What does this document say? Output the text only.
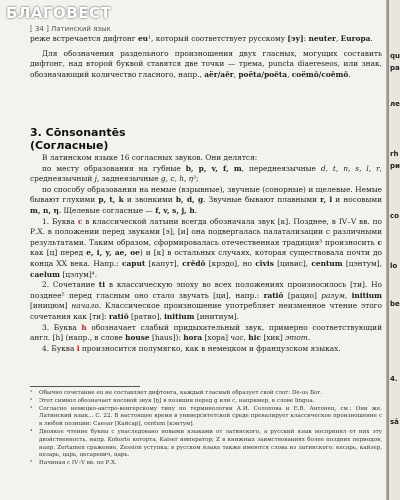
[ 34 ] Латинский язык

реже встречается дифтонг eu¹, который соответствует русскому [эу]: neuter, Europa.

Для обозначения раздельного произношения двух гласных, могущих составить дифтонг, над второй буквой ставятся две точки — трема, puncta diaereseos, или знак, обозначающий количество гласного, напр., aër/aēr, poëta/poēta, coëmō/coēmō.

3. Cōnsonantēs
(Согласные)

В латинском языке 16 согласных звуков. Они делятся:

по месту образования на губные b, p, v, f, m, переднеязычные d, t, n, s, l, r, среднеязычный j, заднеязычные g, c, h, η²;

по способу образования на немые (взрывные), звучные (сонорные) и щелевые. Немые бывают глухими p, t, k и звонкими b, d, g. Звучные бывают плавными r, l и носовыми m, n, η. Щелевые согласные — f, v, s, j, h.

1. Буква c в классической латыни всегда обозначала звук [к]. Позднее, в IV–V вв. по Р.Х. в положении перед звуками [э], [и] она подвергалась палатализации с различными результатами. Таким образом, сформировалась отечественная традиция³ произносить c как [ц] перед e, i, y, ae, oe) и [к] в остальных случаях, которая существовала почти до конца XX века. Напр.: caput [капут], crēdō [крэдо], но cīvis [цивис], centum [цэнтум], caelum [цэлум]⁴.

2. Сочетание ti в классическую эпоху во всех положениях произносилось [ти]. Но позднее⁵ перед гласным оно стало звучать [ци], напр.: ratiō [рацио] разум, initium [иницюм] начало. Классическое произношение употребляет неизменное чтение этого сочетания как [ти]: ratiō [ратио], initium [инитиум].

3. Буква h обозначает слабый придыхательный звук, примерно соответствующий англ. [h] (напр., в слове house [haus]): hora [хора] час, hic [хик] этот.

4. Буква l произносится полумягко, как в немецком и французском языках.

¹	Обычно сочетание eu не составляет дифтонга, каждый гласный образует свой слог: De-us Бог.
²	Этот символ обозначает носовой звук [ŋ] в позиции перед g или c, например, в слове lingua.
³	Согласно немецко-австро-венгерскому типу по терминологии А.И. Солопова и Е.В. Антонец, см.: Они же. Латинский язык... С. 22. В настоящее время в университетской среде превалирует классическое произношение с в любой позиции: Caesar [Кайсар], centum [кэнтум].
⁴	Двоякое чтение буквы с унаследовано новыми языками от латинского, а русский язык воспринял от них эту двойственность, напр. Kohorte когорта, Kaiser император; Z в книжных заимствованиях более поздних периодов, напр. Zertamen сражение, Zession уступка; в русском языке также имеются слова из латинского: кесарь, кайзер, цезарь, царь, цесаревич, царь.
⁵	Начиная с IV–V вв. по Р.Х.
qu
ра
ле
rh
ри
co
lo
be
4.
sā
БЛАГОВЕСТ
